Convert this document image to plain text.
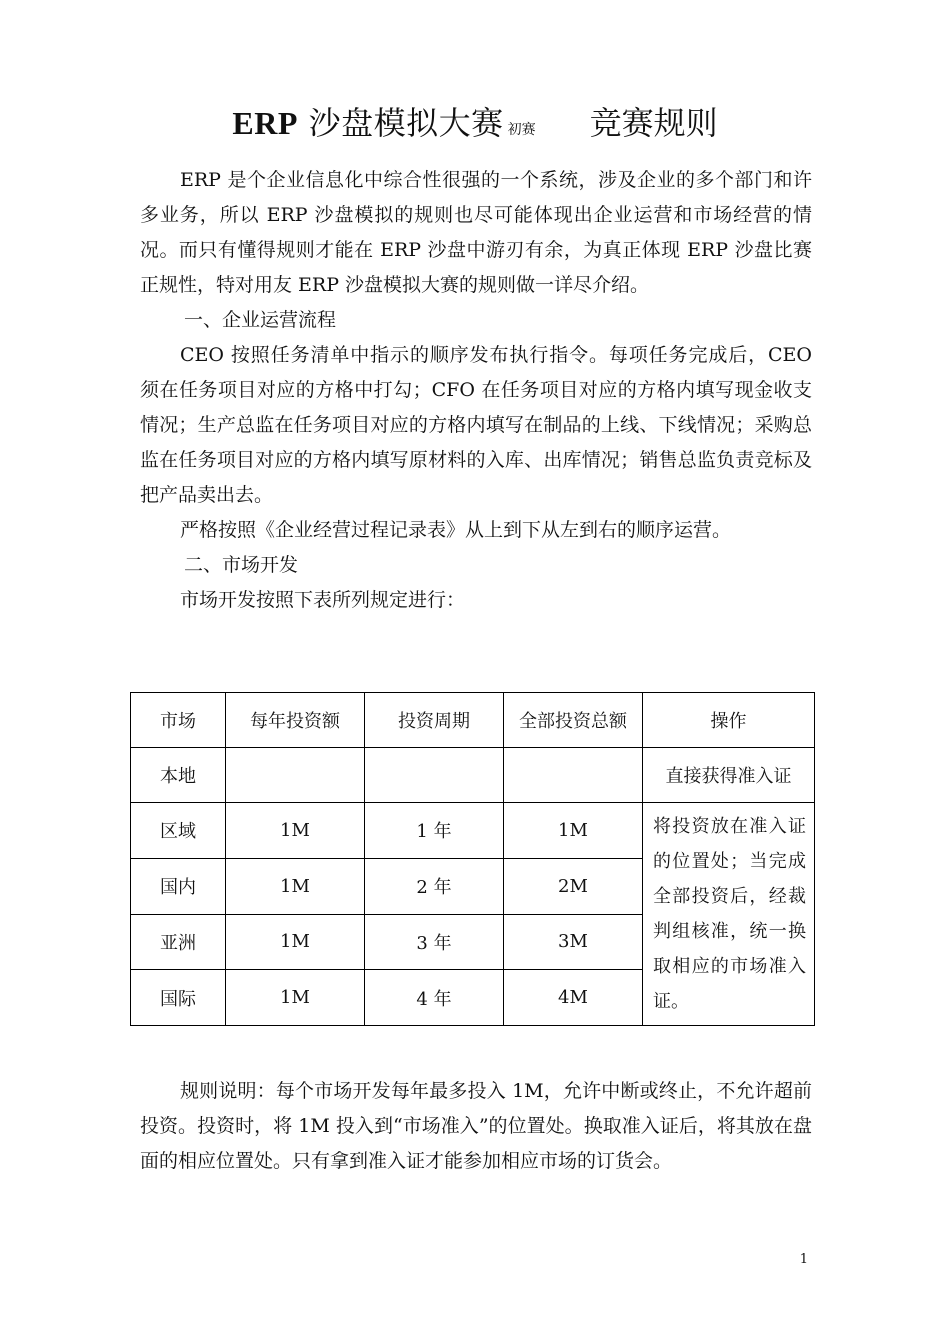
ERP 沙盘模拟大赛 初赛 竞赛规则

ERP 是个企业信息化中综合性很强的一个系统，涉及企业的多个部门和许多业务，所以 ERP 沙盘模拟的规则也尽可能体现出企业运营和市场经营的情况。而只有懂得规则才能在 ERP 沙盘中游刃有余，为真正体现 ERP 沙盘比赛正规性，特对用友 ERP 沙盘模拟大赛的规则做一详尽介绍。

一、企业运营流程

CEO 按照任务清单中指示的顺序发布执行指令。每项任务完成后，CEO 须在任务项目对应的方格中打勾；CFO 在任务项目对应的方格内填写现金收支情况；生产总监在任务项目对应的方格内填写在制品的上线、下线情况；采购总监在任务项目对应的方格内填写原材料的入库、出库情况；销售总监负责竞标及把产品卖出去。

严格按照《企业经营过程记录表》从上到下从左到右的顺序运营。

二、市场开发

市场开发按照下表所列规定进行：

市场	每年投资额	投资周期	全部投资总额	操作
本地				直接获得准入证
区域	1M	1 年	1M	将投资放在准入证的位置处；当完成全部投资后，经裁判组核准，统一换取相应的市场准入证。
国内	1M	2 年	2M	
亚洲	1M	3 年	3M	
国际	1M	4 年	4M	

规则说明：每个市场开发每年最多投入 1M，允许中断或终止，不允许超前投资。投资时，将 1M 投入到“市场准入”的位置处。换取准入证后，将其放在盘面的相应位置处。只有拿到准入证才能参加相应市场的订货会。

1
